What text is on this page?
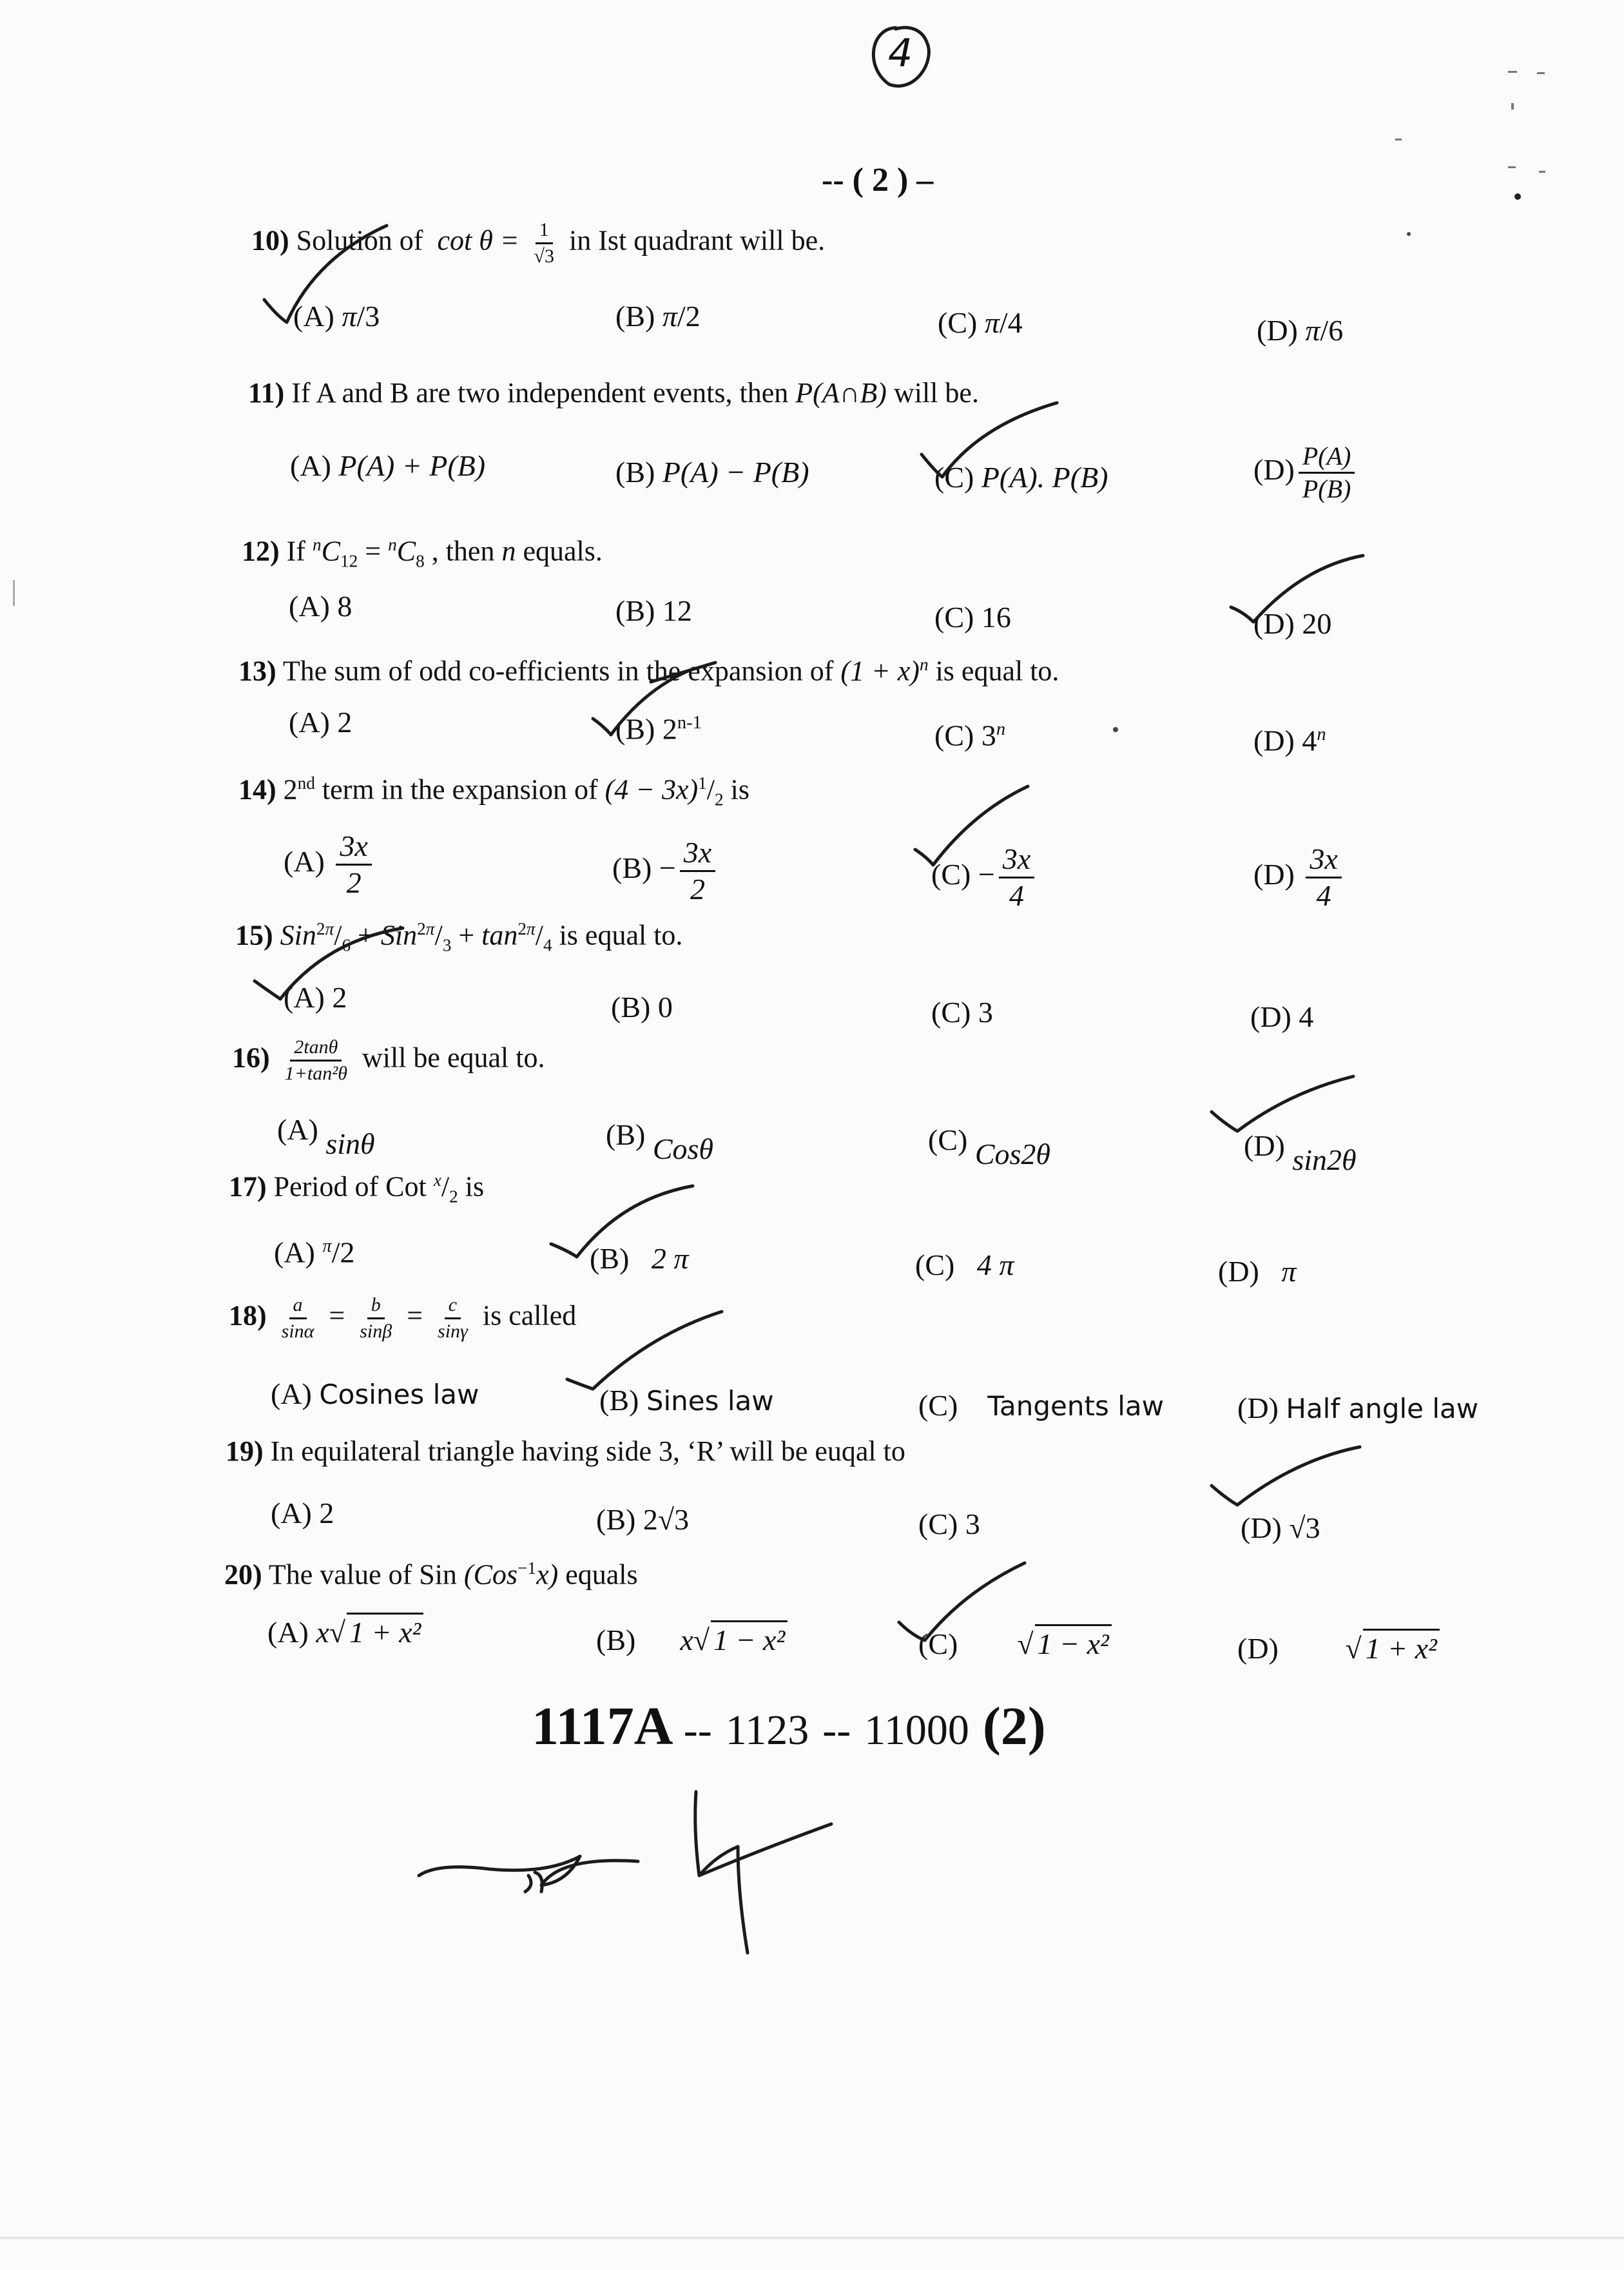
4
-- ( 2 ) –
10) Solution of $\cot \theta = \frac{1}{√3}$ in Ist quadrant will be.
(A) π/3	(B) π/2	(C) π/4	(D) π/6
11) If A and B are two independent events, then P(A∩B) will be.
(A) P(A) + P(B)	(B) P(A) − P(B)	(C) P(A). P(B)	$(D) \frac{P(A)}{P(B)}$
12) If $^nC_{12} = ^nC_8$ , then n equals.
(A) 8	(B) 12	(C) 16	(D) 20
13) The sum of odd co-efficients in the expansion of $(1 + x)^n$ is equal to.
(A) 2	(B) 2$^{n-1}$	(C) 3$^n$	(D) 4$^n$
14) 2nd term in the expansion of $(4 - 3x)^1/_2$ is
$(A) \frac{3x}{2}$	$(B) - \frac{3x}{2}$	$(C) - \frac{3x}{4}$	$(D) \frac{3x}{4}$
15) $Sin^{2\pi}/_6 + Sin^{2\pi}/_3 + \tan^{2\pi}/_4$ is equal to.
(A) 2	(B) 0	(C) 3	(D) 4
$16) \frac{2\tan\theta}{\text{1+tan²θ}}$ will be equal to.
(A) sinθ	(B) Cosθ	(C) Cos2θ	(D) sin2θ
17) Period of Cot $^x/_2$ is
(A) $^\pi$/2	(B) 2 π	(C) 4 π	(D) π
$18) \frac{a}{\sin\alpha} = \frac{b}{\sin\beta} = \frac{c}{\sin\gamma}$ is called
(A) Cosines law	(B) Sines law	(C) Tangents law (D) Half angle law
19) In equilateral triangle having side 3, ‘R’ will be euqal to
(A) 2	(B) 2√3	(C) 3	(D) √3
20) The value of Sin (Cos$^{-1}$x) equals
(A) x√ 1 + x²	(B) x√ 1 − x²	(C) √ 1 − x²	(D) √ 1 + x²
1117A -- 1123 -- 11000 (2)
4
